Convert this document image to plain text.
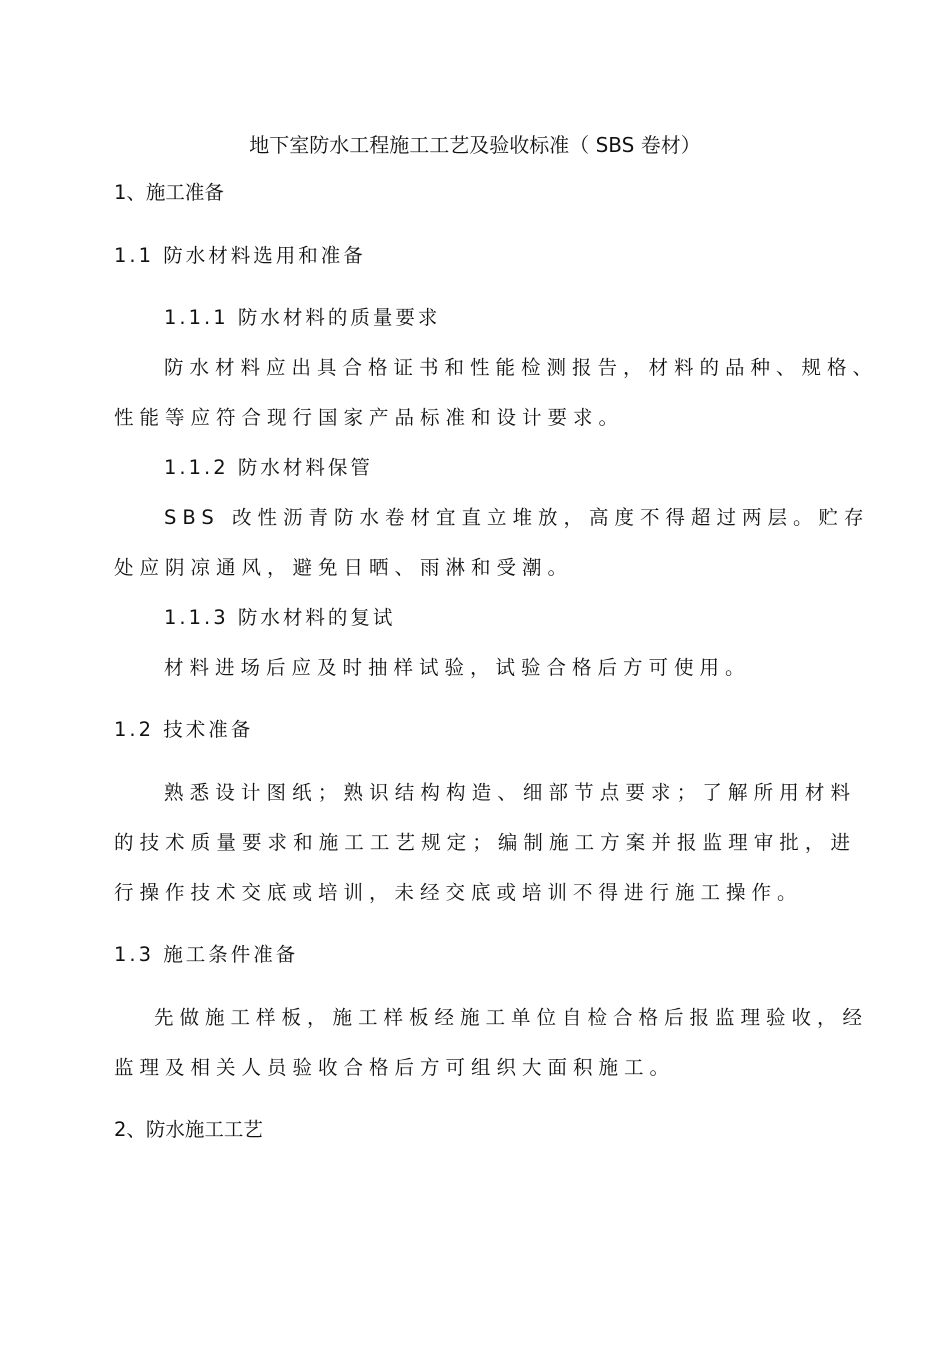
地下室防水工程施工工艺及验收标准（ SBS 卷材）
1、施工准备
1.1 防水材料选用和准备
1.1.1 防水材料的质量要求
防水材料应出具合格证书和性能检测报告，材料的品种、规格、
性能等应符合现行国家产品标准和设计要求。
1.1.2 防水材料保管
SBS 改性沥青防水卷材宜直立堆放，高度不得超过两层。贮存
处应阴凉通风，避免日晒、雨淋和受潮。
1.1.3 防水材料的复试
材料进场后应及时抽样试验，试验合格后方可使用。
1.2 技术准备
熟悉设计图纸；熟识结构构造、细部节点要求；了解所用材料
的技术质量要求和施工工艺规定；编制施工方案并报监理审批，进
行操作技术交底或培训，未经交底或培训不得进行施工操作。
1.3 施工条件准备
先做施工样板，施工样板经施工单位自检合格后报监理验收，经
监理及相关人员验收合格后方可组织大面积施工。
2、防水施工工艺
